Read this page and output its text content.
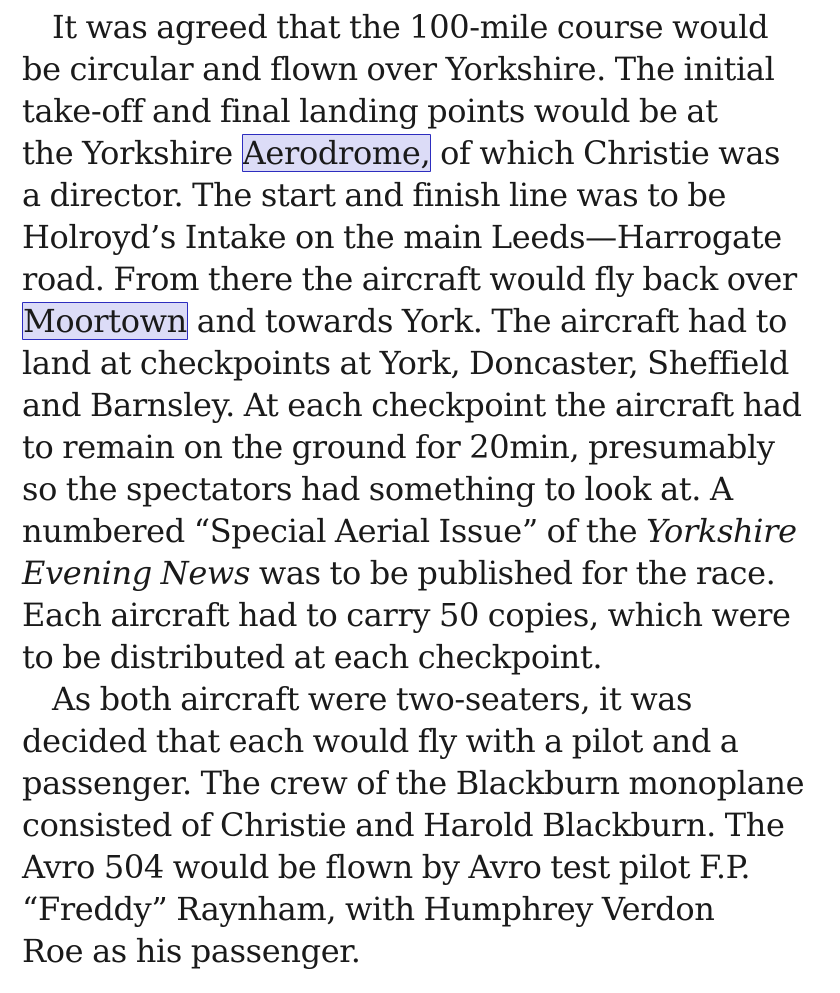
It was agreed that the 100-mile course would
be circular and flown over Yorkshire. The initial
take-off and final landing points would be at
the Yorkshire Aerodrome, of which Christie was
a director. The start and finish line was to be
Holroyd’s Intake on the main Leeds—Harrogate
road. From there the aircraft would fly back over
Moortown and towards York. The aircraft had to
land at checkpoints at York, Doncaster, Sheffield
and Barnsley. At each checkpoint the aircraft had
to remain on the ground for 20min, presumably
so the spectators had something to look at. A
numbered “Special Aerial Issue” of the Yorkshire
Evening News was to be published for the race.
Each aircraft had to carry 50 copies, which were
to be distributed at each checkpoint.
As both aircraft were two-seaters, it was
decided that each would fly with a pilot and a
passenger. The crew of the Blackburn monoplane
consisted of Christie and Harold Blackburn. The
Avro 504 would be flown by Avro test pilot F.P.
“Freddy” Raynham, with Humphrey Verdon
Roe as his passenger.
